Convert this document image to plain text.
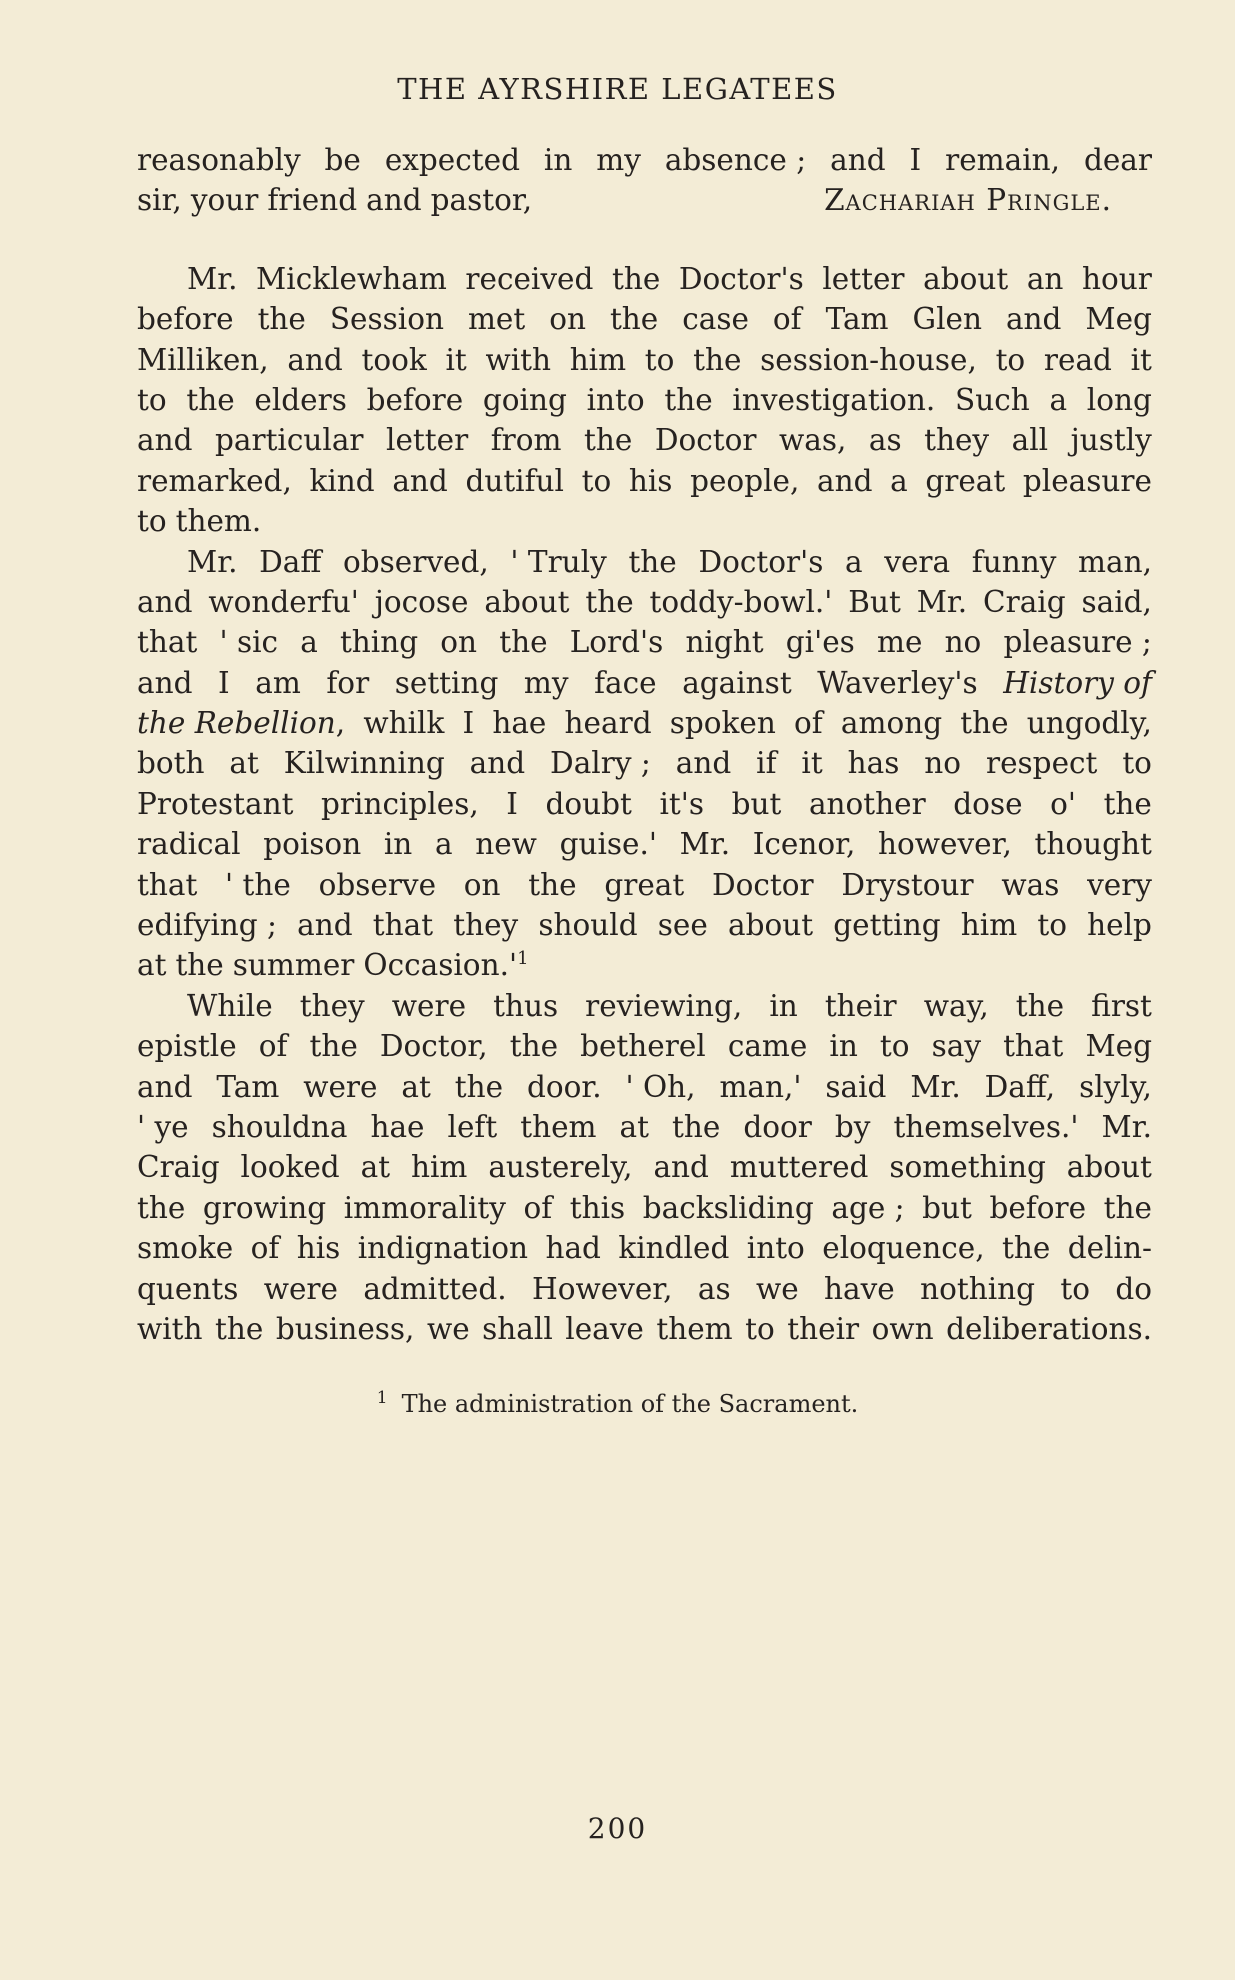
THE AYRSHIRE LEGATEES
reasonably be expected in my absence ; and I remain, dear
sir, your friend and pastor,	Zachariah Pringle.
Mr. Micklewham received the Doctor's letter about an hour
before the Session met on the case of Tam Glen and Meg
Milliken, and took it with him to the session-house, to read it
to the elders before going into the investigation. Such a long
and particular letter from the Doctor was, as they all justly
remarked, kind and dutiful to his people, and a great pleasure
to them.
Mr. Daff observed, ' Truly the Doctor's a vera funny man,
and wonderfu' jocose about the toddy-bowl.' But Mr. Craig said,
that ' sic a thing on the Lord's night gi'es me no pleasure ;
and I am for setting my face against Waverley's History of
the Rebellion, whilk I hae heard spoken of among the ungodly,
both at Kilwinning and Dalry ; and if it has no respect to
Protestant principles, I doubt it's but another dose o' the
radical poison in a new guise.' Mr. Icenor, however, thought
that ' the observe on the great Doctor Drystour was very
edifying ; and that they should see about getting him to help
at the summer $Occasion.'^1$
While they were thus reviewing, in their way, the first
epistle of the Doctor, the betherel came in to say that Meg
and Tam were at the door. ' Oh, man,' said Mr. Daff, slyly,
' ye shouldna hae left them at the door by themselves.' Mr.
Craig looked at him austerely, and muttered something about
the growing immorality of this backsliding age ; but before the
smoke of his indignation had kindled into eloquence, the delin-
quents were admitted. However, as we have nothing to do
with the business, we shall leave them to their own deliberations.
$^1$ The administration of the Sacrament.
200
